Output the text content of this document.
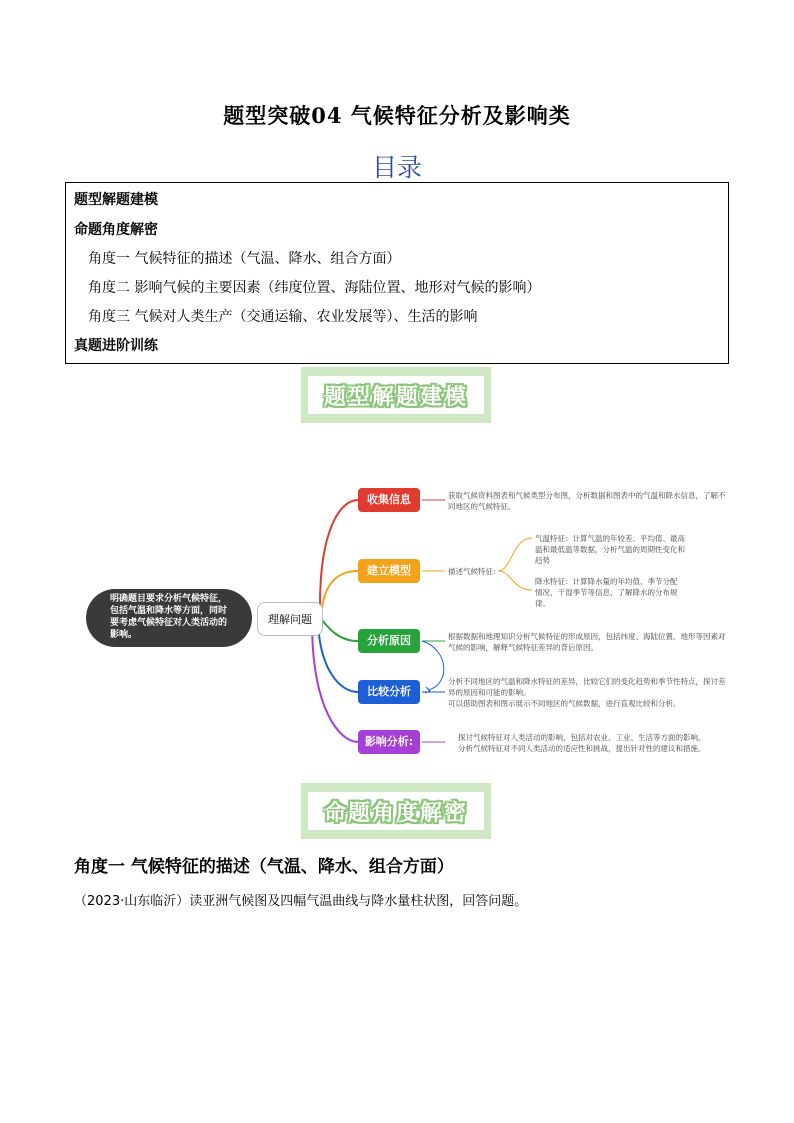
题型突破04 气候特征分析及影响类
目录
题型解题建模
命题角度解密
角度一 气候特征的描述（气温、降水、组合方面）
角度二 影响气候的主要因素（纬度位置、海陆位置、地形对气候的影响）
角度三 气候对人类生产（交通运输、农业发展等）、生活的影响
真题进阶训练
题型解题建模
明确题目要求分析气候特征，
包括气温和降水等方面，同时
要考虑气候特征对人类活动的
影响。
理解问题
收集信息	获取气候资料图表和气候类型分布图，分析数据和图表中的气温和降水信息，了解不
同地区的气候特征。
建立模型	描述气候特征：
气温特征：计算气温的年较差、平均值、最高
温和最低温等数据，分析气温的周期性变化和
趋势
降水特征：计算降水量的年均值、季节分配
情况、干湿季节等信息，了解降水的分布规
律。
分析原因	根据数据和地理知识分析气候特征的形成原因，包括纬度、海陆位置、地形等因素对
气候的影响，解释气候特征差异的背后原因。
比较分析
分析不同地区的气温和降水特征的差异，比较它们的变化趋势和季节性特点，探讨差
异的原因和可能的影响。
可以借助图表和图示展示不同地区的气候数据，进行直观比较和分析。
影响分析:	探讨气候特征对人类活动的影响，包括对农业、工业、生活等方面的影响。
分析气候特征对不同人类活动的适应性和挑战，提出针对性的建议和措施。
命题角度解密
角度一 气候特征的描述（气温、降水、组合方面）
（2023·山东临沂）读亚洲气候图及四幅气温曲线与降水量柱状图，回答问题。
